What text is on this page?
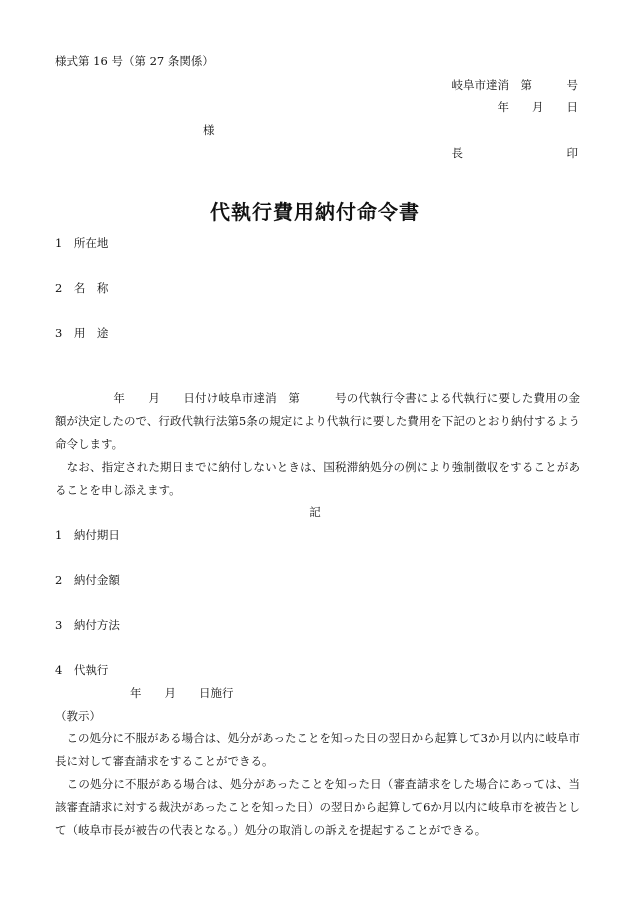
様式第 16 号（第 27 条関係）
岐阜市達消　第　　　号
年　　月　　日
様
長　　　　　　　　　印
代執行費用納付命令書
1　所在地
2　名　称
3　用　途
　　　　　年　　月　　日付け岐阜市達消　第　　　号の代執行令書による代執行に要した費用の金額が決定したので、行政代執行法第5条の規定により代執行に要した費用を下記のとおり納付するよう命令します。
　なお、指定された期日までに納付しないときは、国税滞納処分の例により強制徴収をすることがあることを申し添えます。
記
1　納付期日
2　納付金額
3　納付方法
4　代執行
年　　月　　日施行
（教示）
　この処分に不服がある場合は、処分があったことを知った日の翌日から起算して3か月以内に岐阜市長に対して審査請求をすることができる。
　この処分に不服がある場合は、処分があったことを知った日（審査請求をした場合にあっては、当該審査請求に対する裁決があったことを知った日）の翌日から起算して6か月以内に岐阜市を被告として（岐阜市長が被告の代表となる。）処分の取消しの訴えを提起することができる。
